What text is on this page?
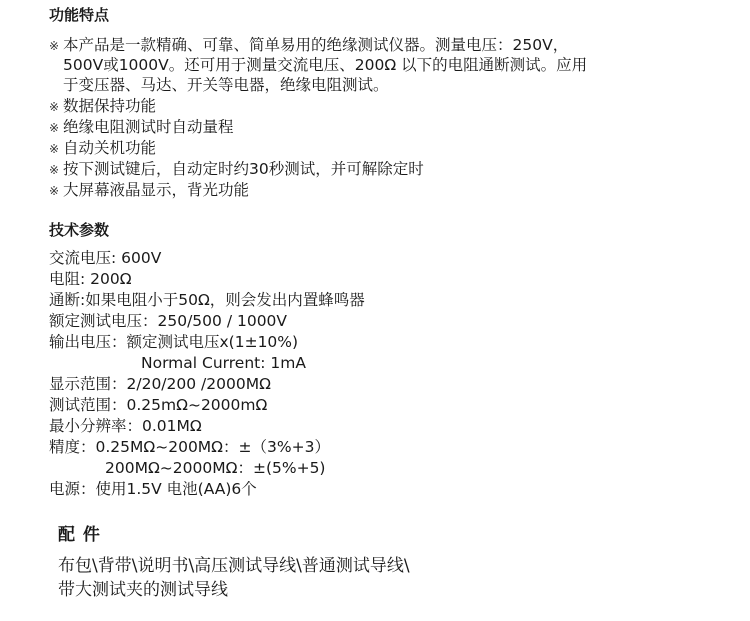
功能特点
※ 本产品是一款精确、可靠、简单易用的绝缘测试仪器。测量电压：250V，
500V或1000V。还可用于测量交流电压、200Ω 以下的电阻通断测试。应用
于变压器、马达、开关等电器，绝缘电阻测试。
※ 数据保持功能
※ 绝缘电阻测试时自动量程
※ 自动关机功能
※ 按下测试键后，自动定时约30秒测试，并可解除定时
※ 大屏幕液晶显示，背光功能
技术参数
交流电压: 600V
电阻: 200Ω
通断:如果电阻小于50Ω，则会发出内置蜂鸣器
额定测试电压：250/500 / 1000V
输出电压：额定测试电压x(1±10%)
Normal Current: 1mA
显示范围：2/20/200 /2000MΩ
测试范围：0.25mΩ~2000mΩ
最小分辨率：0.01MΩ
精度：0.25MΩ~200MΩ：±（3%+3）
200MΩ~2000MΩ：±(5%+5)
电源：使用1.5V 电池(AA)6个
配 件
布包\背带\说明书\高压测试导线\普通测试导线\
带大测试夹的测试导线
